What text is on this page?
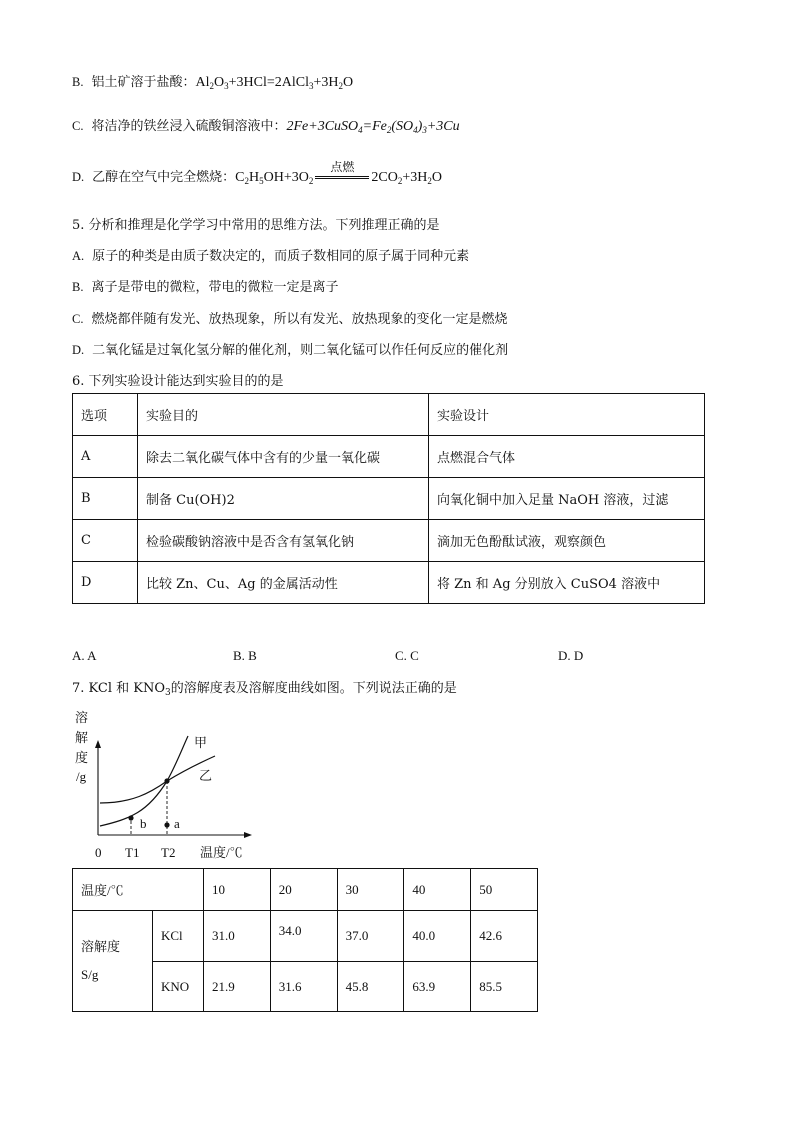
B. 铝土矿溶于盐酸：$Al_2O_3+3HCl=2AlCl_3+3H_2O$
C. 将洁净的铁丝浸入硫酸铜溶液中：$2Fe+3CuSO_4=Fe_2(SO_4)_3+3Cu$
D. 乙醇在空气中完全燃烧：$C_2H_5OH+3O_2$
点燃
$2CO_2+3H_2O$
5. 分析和推理是化学学习中常用的思维方法。下列推理正确的是
A. 原子的种类是由质子数决定的，而质子数相同的原子属于同种元素
B. 离子是带电的微粒，带电的微粒一定是离子
C. 燃烧都伴随有发光、放热现象，所以有发光、放热现象的变化一定是燃烧
D. 二氧化锰是过氧化氢分解的催化剂，则二氧化锰可以作任何反应的催化剂
6. 下列实验设计能达到实验目的的是
选项	实验目的	实验设计
A	除去二氧化碳气体中含有的少量一氧化碳	点燃混合气体
B	制备 Cu(OH)2	向氧化铜中加入足量 NaOH 溶液，过滤
C	检验碳酸钠溶液中是否含有氢氧化钠	滴加无色酚酞试液，观察颜色
D	比较 Zn、Cu、Ag 的金属活动性	将 Zn 和 Ag 分别放入 CuSO4 溶液中
A. A	B. B	C. C	D. D
7. KCl 和 $KNO_3$的溶解度表及溶解度曲线如图。下列说法正确的是
溶
解
度
/g
b a
甲
乙
0 T1 T2 温度/℃
温度/℃		10	20	30	40	50
溶解度
S/g	KCl	31.0	34.0	37.0	40.0	42.6
	KNO	21.9	31.6	45.8	63.9	85.5
